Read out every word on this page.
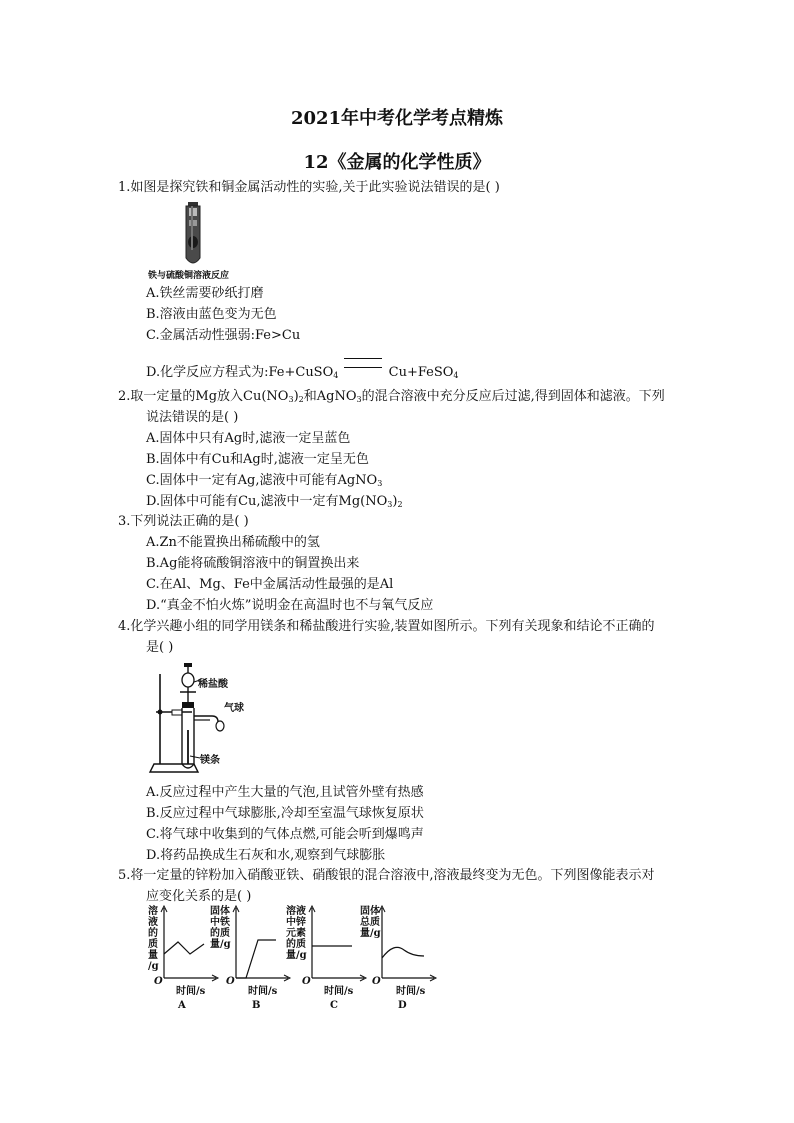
2021年中考化学考点精炼
12《金属的化学性质》
1.如图是探究铁和铜金属活动性的实验,关于此实验说法错误的是( )
铁与硫酸铜溶液反应
A.铁丝需要砂纸打磨
B.溶液由蓝色变为无色
C.金属活动性强弱:Fe>Cu
D.化学反应方程式为:Fe+CuSO$_4$	Cu+FeSO$_4$
2.取一定量的Mg放入$Cu(NO_3)_2$和AgNO$_3$的混合溶液中充分反应后过滤,得到固体和滤液。下列
说法错误的是( )
A.固体中只有Ag时,滤液一定呈蓝色
B.固体中有Cu和Ag时,滤液一定呈无色
C.固体中一定有Ag,滤液中可能有AgNO$_3$
D.固体中可能有Cu,滤液中一定有$Mg(NO_3)_2$
3.下列说法正确的是( )
A.Zn不能置换出稀硫酸中的氢
B.Ag能将硫酸铜溶液中的铜置换出来
C.在Al、Mg、Fe中金属活动性最强的是Al
D.“真金不怕火炼”说明金在高温时也不与氧气反应
4.化学兴趣小组的同学用镁条和稀盐酸进行实验,装置如图所示。下列有关现象和结论不正确的
是( )
稀盐酸
气球
镁条
A.反应过程中产生大量的气泡,且试管外壁有热感
B.反应过程中气球膨胀,冷却至室温气球恢复原状
C.将气球中收集到的气体点燃,可能会听到爆鸣声
D.将药品换成生石灰和水,观察到气球膨胀
5.将一定量的锌粉加入硝酸亚铁、硝酸银的混合溶液中,溶液最终变为无色。下列图像能表示对
应变化关系的是( )
溶
液
的
质
量
/g
O
时间/s
A
固体
中铁
的质
量/g
O
时间/s
B
溶液
中锌
元素
的质
量/g
O
时间/s
C
固体
总质
量/g
O
时间/s
D
